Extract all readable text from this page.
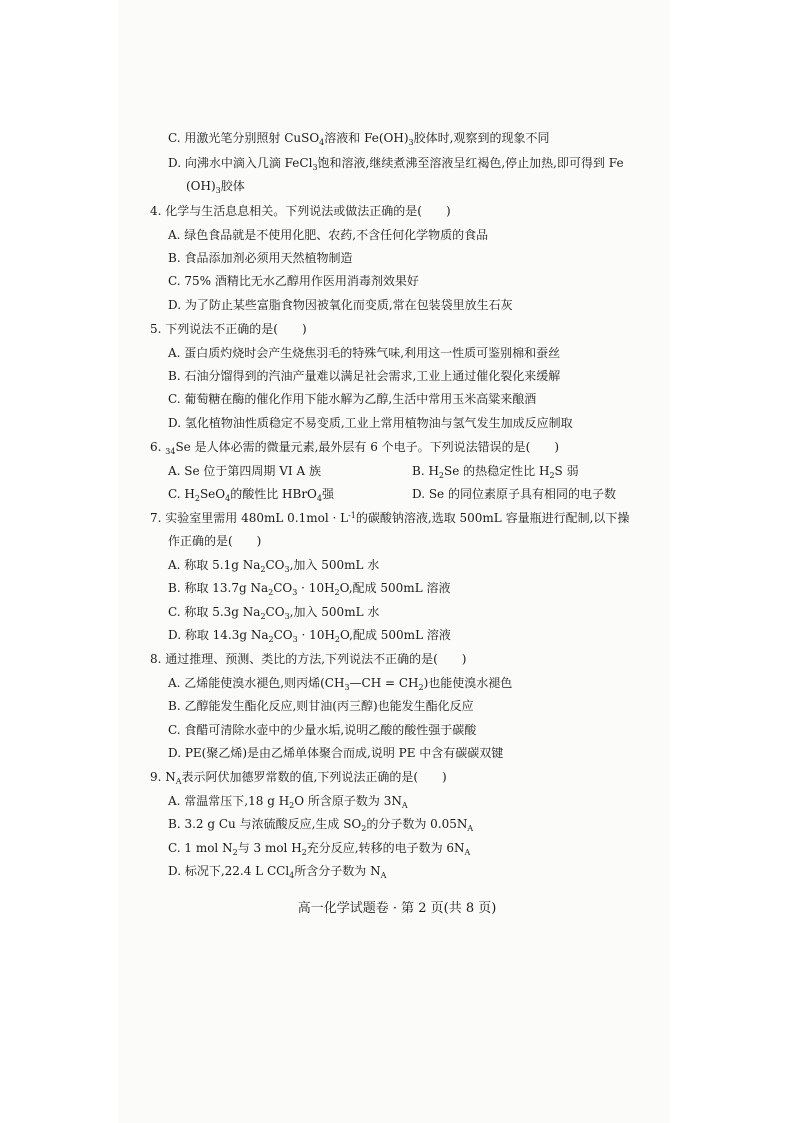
C. 用激光笔分别照射 CuSO$_4$溶液和 $Fe(OH)_3$胶体时,观察到的现象不同
D. 向沸水中滴入几滴 FeCl$_3$饱和溶液,继续煮沸至溶液呈红褐色,停止加热,即可得到 Fe
$(OH)_3$胶体
4. 化学与生活息息相关。下列说法或做法正确的是(　　)
A. 绿色食品就是不使用化肥、农药,不含任何化学物质的食品
B. 食品添加剂必须用天然植物制造
C. 75% 酒精比无水乙醇用作医用消毒剂效果好
D. 为了防止某些富脂食物因被氧化而变质,常在包装袋里放生石灰
5. 下列说法不正确的是(　　)
A. 蛋白质灼烧时会产生烧焦羽毛的特殊气味,利用这一性质可鉴别棉和蚕丝
B. 石油分馏得到的汽油产量难以满足社会需求,工业上通过催化裂化来缓解
C. 葡萄糖在酶的催化作用下能水解为乙醇,生活中常用玉米高粱来酿酒
D. 氢化植物油性质稳定不易变质,工业上常用植物油与氢气发生加成反应制取
6. $_{34}$Se 是人体必需的微量元素,最外层有 6 个电子。下列说法错误的是(　　)
A. Se 位于第四周期 VI A 族	B. $H_2Se$ 的热稳定性比 $H_2S$ 弱
C. $H_2SeO_4$的酸性比 HBrO$_4$强	D. Se 的同位素原子具有相同的电子数
7. 实验室里需用 480mL $0.1mol \cdot L^{-1}$的碳酸钠溶液,选取 500mL 容量瓶进行配制,以下操
作正确的是(　　)
A. 称取 5.1g $Na_2CO_3$,加入 500mL 水
B. 称取 13.7g $Na_2CO_3 \cdot 10H_2O$,配成 500mL 溶液
C. 称取 5.3g $Na_2CO_3$,加入 500mL 水
D. 称取 14.3g $Na_2CO_3 \cdot 10H_2O$,配成 500mL 溶液
8. 通过推理、预测、类比的方法,下列说法不正确的是(　　)
A. 乙烯能使溴水褪色,则丙烯$(CH_3—CH = CH_2)$也能使溴水褪色
B. 乙醇能发生酯化反应,则甘油(丙三醇)也能发生酯化反应
C. 食醋可清除水壶中的少量水垢,说明乙酸的酸性强于碳酸
D. PE(聚乙烯)是由乙烯单体聚合而成,说明 PE 中含有碳碳双键
9. $N_A$表示阿伏加德罗常数的值,下列说法正确的是(　　)
A. 常温常压下,18 g $H_2O$ 所含原子数为 $3N_A$
B. 3.2 g Cu 与浓硫酸反应,生成 $SO_2$的分子数为 $0.05N_A$
C. 1 mol $N_2$与 3 mol $H_2$充分反应,转移的电子数为 $6N_A$
D. 标况下,22.4 L CCl$_4$所含分子数为 $N_A$
高一化学试题卷 · 第 2 页(共 8 页)
